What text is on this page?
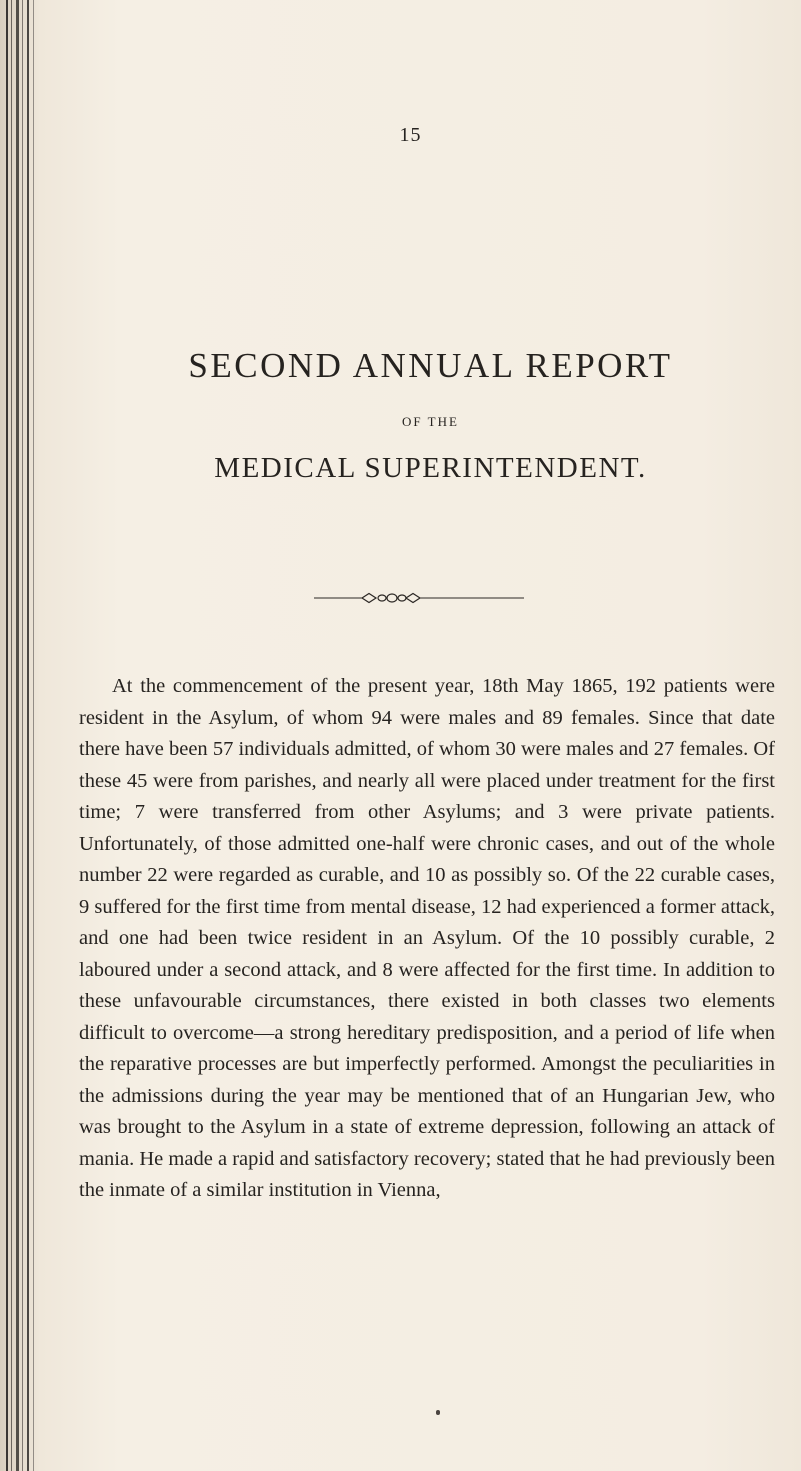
15
SECOND ANNUAL REPORT
OF THE
MEDICAL SUPERINTENDENT.

At the commencement of the present year, 18th May 1865, 192 patients were resident in the Asylum, of whom 94 were males and 89 females. Since that date there have been 57 individuals admitted, of whom 30 were males and 27 females. Of these 45 were from parishes, and nearly all were placed under treatment for the first time; 7 were transferred from other Asylums; and 3 were private patients. Unfortunately, of those admitted one-half were chronic cases, and out of the whole number 22 were regarded as curable, and 10 as possibly so. Of the 22 curable cases, 9 suffered for the first time from mental disease, 12 had experienced a former attack, and one had been twice resident in an Asylum. Of the 10 possibly curable, 2 laboured under a second attack, and 8 were affected for the first time. In addition to these unfavourable circumstances, there existed in both classes two elements difficult to overcome—a strong hereditary predisposition, and a period of life when the reparative processes are but imperfectly performed. Amongst the peculiarities in the admissions during the year may be mentioned that of an Hungarian Jew, who was brought to the Asylum in a state of extreme depression, following an attack of mania. He made a rapid and satisfactory recovery; stated that he had previously been the inmate of a similar institution in Vienna,
